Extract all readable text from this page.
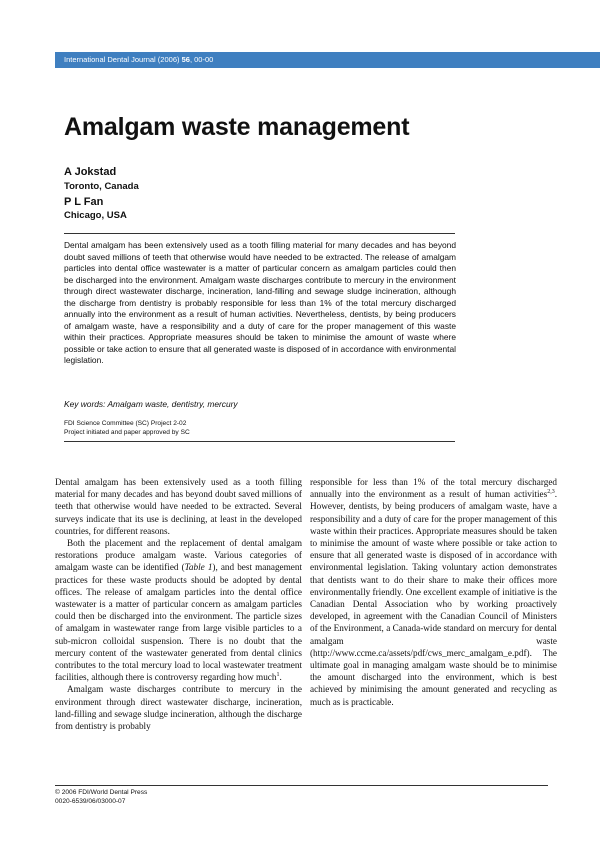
International Dental Journal (2006) 56, 00-00
Amalgam waste management
A Jokstad
Toronto, Canada
P L Fan
Chicago, USA
Dental amalgam has been extensively used as a tooth filling material for many decades and has beyond doubt saved millions of teeth that otherwise would have needed to be extracted. The release of amalgam particles into dental office wastewater is a matter of particular concern as amalgam particles could then be discharged into the environment. Amalgam waste discharges contribute to mercury in the environment through direct wastewater discharge, incineration, land-filling and sewage sludge incineration, although the discharge from dentistry is probably responsible for less than 1% of the total mercury discharged annually into the environment as a result of human activities. Nevertheless, dentists, by being producers of amalgam waste, have a responsibility and a duty of care for the proper management of this waste within their practices. Appropriate measures should be taken to minimise the amount of waste where possible or take action to ensure that all generated waste is disposed of in accordance with environmental legislation.
Key words: Amalgam waste, dentistry, mercury
FDI Science Committee (SC) Project 2-02
Project initiated and paper approved by SC

Dental amalgam has been extensively used as a tooth filling material for many decades and has beyond doubt saved millions of teeth that otherwise would have needed to be extracted. Several surveys indicate that its use is declining, at least in the developed countries, for different reasons.

Both the placement and the replacement of dental amalgam restorations produce amalgam waste. Various categories of amalgam waste can be identified (Table 1), and best management practices for these waste products should be adopted by dental offices. The release of amalgam particles into the dental office wastewater is a matter of particular concern as amalgam particles could then be discharged into the environment. The particle sizes of amalgam in wastewater range from large visible particles to a sub-micron colloidal suspension. There is no doubt that the mercury content of the wastewater generated from dental clinics contributes to the total mercury load to local wastewater treatment facilities, although there is controversy regarding how much$^1$.

Amalgam waste discharges contribute to mercury in the environment through direct wastewater discharge, incineration, land-filling and sewage sludge incineration, although the discharge from dentistry is probably

responsible for less than 1% of the total mercury discharged annually into the environment as a result of human activities$^{2,3}$. However, dentists, by being producers of amalgam waste, have a responsibility and a duty of care for the proper management of this waste within their practices. Appropriate measures should be taken to minimise the amount of waste where possible or take action to ensure that all generated waste is disposed of in accordance with environmental legislation. Taking voluntary action demonstrates that dentists want to do their share to make their offices more environmentally friendly. One excellent example of initiative is the Canadian Dental Association who by working proactively developed, in agreement with the Canadian Council of Ministers of the Environment, a Canada-wide standard on mercury for dental amalgam waste (http://www.ccme.ca/assets/pdf/cws_merc_amalgam_e.pdf). The ultimate goal in managing amalgam waste should be to minimise the amount discharged into the environment, which is best achieved by minimising the amount generated and recycling as much as is practicable.

© 2006 FDI/World Dental Press
0020-6539/06/03000-07
